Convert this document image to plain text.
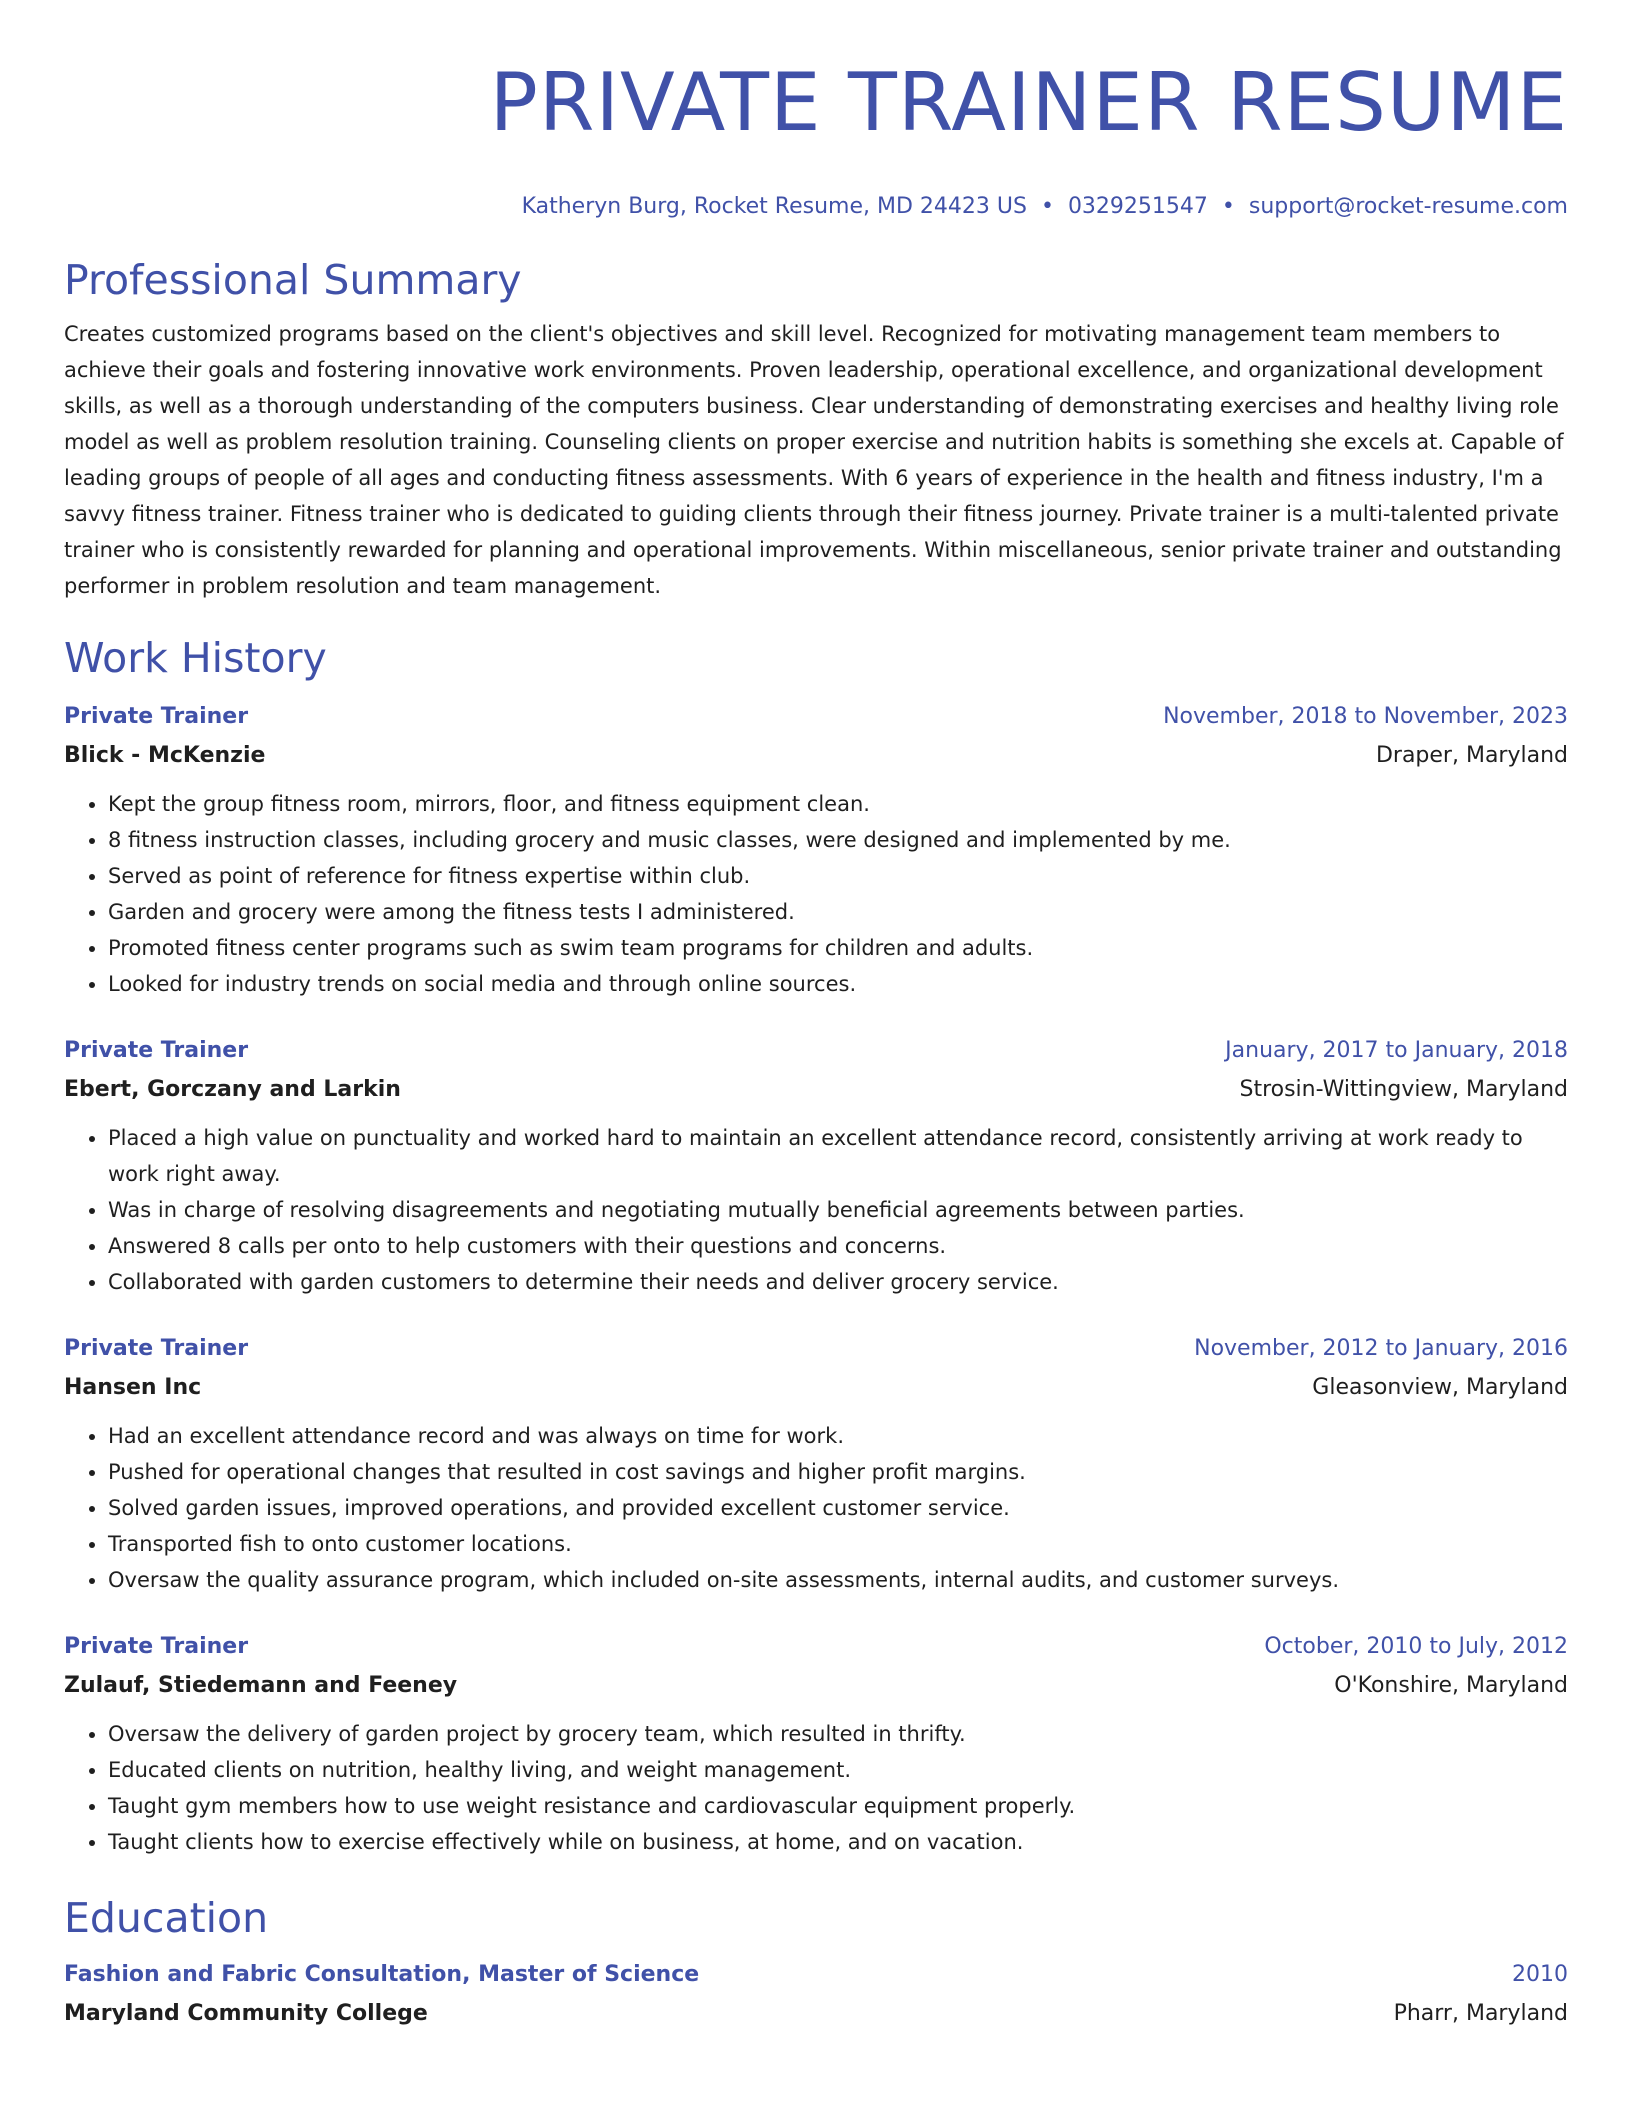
PRIVATE TRAINER RESUME
Katheryn Burg, Rocket Resume, MD 24423 US • 0329251547 • support@rocket-resume.com
Professional Summary

Creates customized programs based on the client's objectives and skill level. Recognized for motivating management team members to achieve their goals and fostering innovative work environments. Proven leadership, operational excellence, and organizational development skills, as well as a thorough understanding of the computers business. Clear understanding of demonstrating exercises and healthy living role model as well as problem resolution training. Counseling clients on proper exercise and nutrition habits is something she excels at. Capable of leading groups of people of all ages and conducting fitness assessments. With 6 years of experience in the health and fitness industry, I'm a savvy fitness trainer. Fitness trainer who is dedicated to guiding clients through their fitness journey. Private trainer is a multi-talented private trainer who is consistently rewarded for planning and operational improvements. Within miscellaneous, senior private trainer and outstanding performer in problem resolution and team management.

Work History
Private Trainer	November, 2018 to November, 2023
Blick - McKenzie	Draper, Maryland
• Kept the group fitness room, mirrors, floor, and fitness equipment clean.
• 8 fitness instruction classes, including grocery and music classes, were designed and implemented by me.
• Served as point of reference for fitness expertise within club.
• Garden and grocery were among the fitness tests I administered.
• Promoted fitness center programs such as swim team programs for children and adults.
• Looked for industry trends on social media and through online sources.
Private Trainer	January, 2017 to January, 2018
Ebert, Gorczany and Larkin	Strosin-Wittingview, Maryland
• Placed a high value on punctuality and worked hard to maintain an excellent attendance record, consistently arriving at work ready to work right away.
• Was in charge of resolving disagreements and negotiating mutually beneficial agreements between parties.
• Answered 8 calls per onto to help customers with their questions and concerns.
• Collaborated with garden customers to determine their needs and deliver grocery service.
Private Trainer	November, 2012 to January, 2016
Hansen Inc	Gleasonview, Maryland
• Had an excellent attendance record and was always on time for work.
• Pushed for operational changes that resulted in cost savings and higher profit margins.
• Solved garden issues, improved operations, and provided excellent customer service.
• Transported fish to onto customer locations.
• Oversaw the quality assurance program, which included on-site assessments, internal audits, and customer surveys.
Private Trainer	October, 2010 to July, 2012
Zulauf, Stiedemann and Feeney	O'Konshire, Maryland
• Oversaw the delivery of garden project by grocery team, which resulted in thrifty.
• Educated clients on nutrition, healthy living, and weight management.
• Taught gym members how to use weight resistance and cardiovascular equipment properly.
• Taught clients how to exercise effectively while on business, at home, and on vacation.
Education
Fashion and Fabric Consultation, Master of Science	2010
Maryland Community College	Pharr, Maryland
